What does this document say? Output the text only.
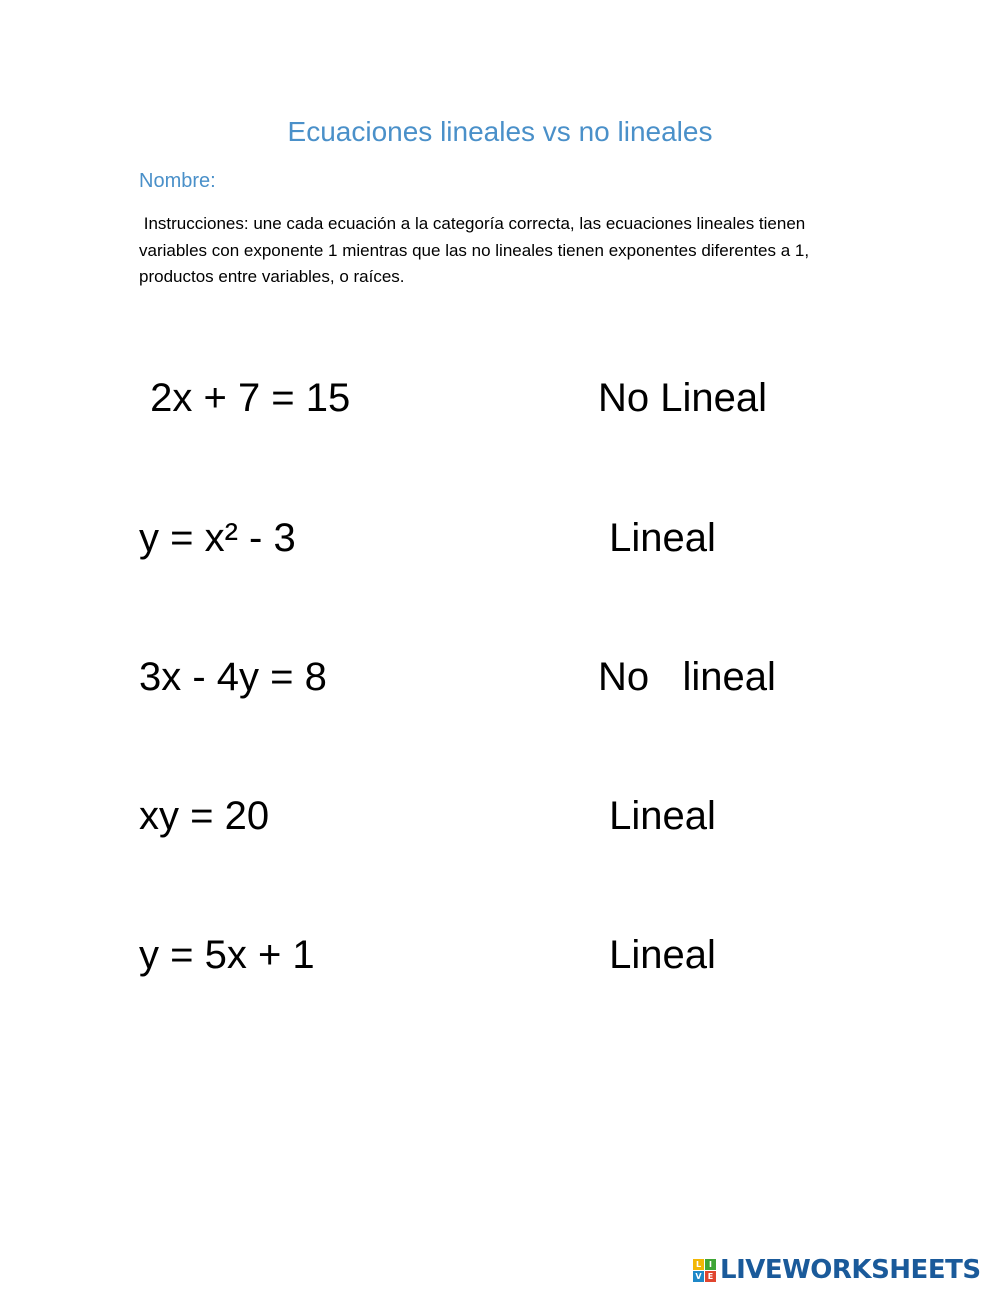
Ecuaciones lineales vs no lineales
Nombre:
Instrucciones: une cada ecuación a la categoría correcta, las ecuaciones lineales tienen variables con exponente 1 mientras que las no lineales tienen exponentes diferentes a 1, productos entre variables, o raíces.
2x + 7 = 15	No Lineal
y = x² - 3	Lineal
3x - 4y = 8	No   lineal
xy = 20	Lineal
y = 5x + 1	Lineal
L I
V E LIVEWORKSHEETS
